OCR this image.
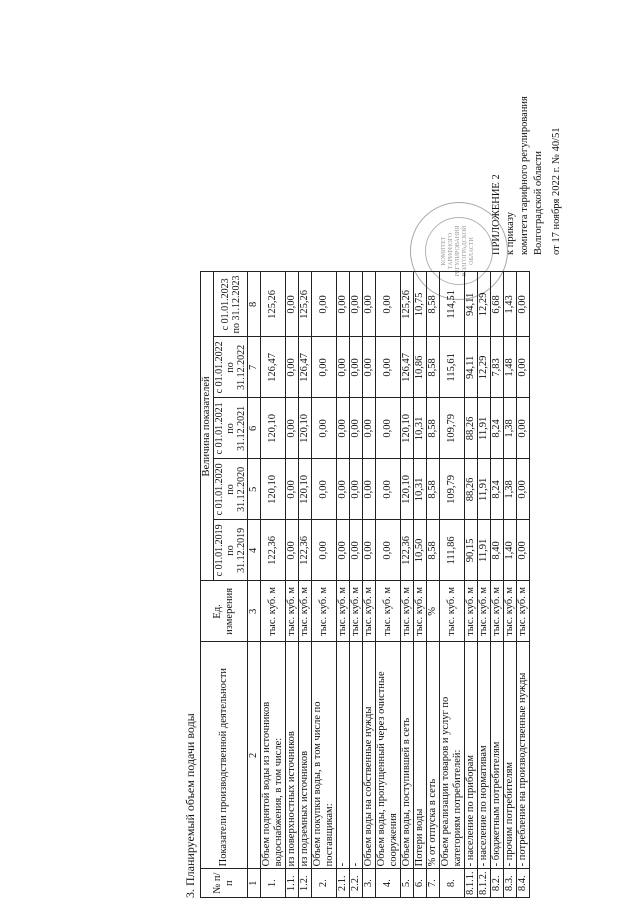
ПРИЛОЖЕНИЕ 2 к приказу комитета тарифного регулирования Волгоградской области от 17 ноября 2022 г. № 40/51
КОМИТЕТ ТАРИФНОГО РЕГУЛИРОВАНИЯ ВОЛГОГРАДСКОЙ ОБЛАСТИ
3. Планируемый объем подачи воды № п/п	Показатели производственной деятельности	Ед. измерения	Величина показателей				
			с 01.01.2019 по 31.12.2019	с 01.01.2020 по 31.12.2020	с 01.01.2021 по 31.12.2021	с 01.01.2022 по 31.12.2022	с 01.01.2023 по 31.12.2023
1	2	3	4	5	6	7	8
1.	Объем поднятой воды из источников водоснабжения, в том числе:	тыс. куб. м	122,36	120,10	120,10	126,47	125,26
1.1.	из поверхностных источников	тыс. куб. м	0,00	0,00	0,00	0,00	0,00
1.2.	из подземных источников	тыс. куб. м	122,36	120,10	120,10	126,47	125,26
2.	Объем покупки воды, в том числе по поставщикам:	тыс. куб. м	0,00	0,00	0,00	0,00	0,00
2.1.	-	тыс. куб. м	0,00	0,00	0,00	0,00	0,00
2.2.	-	тыс. куб. м	0,00	0,00	0,00	0,00	0,00
3.	Объем воды на собственные нужды	тыс. куб. м	0,00	0,00	0,00	0,00	0,00
4.	Объем воды, пропущенный через очистные сооружения	тыс. куб. м	0,00	0,00	0,00	0,00	0,00
5.	Объем воды, поступившей в сеть	тыс. куб. м	122,36	120,10	120,10	126,47	125,26
6.	Потери воды	тыс. куб. м	10,50	10,31	10,31	10,86	10,75
7.	% от отпуска в сеть	%	8,58	8,58	8,58	8,58	8,58
8.	Объем реализации товаров и услуг по категориям потребителей:	тыс. куб. м	111,86	109,79	109,79	115,61	114,51
8.1.1.	- население по приборам	тыс. куб. м	90,15	88,26	88,26	94,11	94,11
8.1.2.	- население по нормативам	тыс. куб. м	11,91	11,91	11,91	12,29	12,29
8.2.	- бюджетным потребителям	тыс. куб. м	8,40	8,24	8,24	7,83	6,68
8.3.	- прочим потребителям	тыс. куб. м	1,40	1,38	1,38	1,48	1,43
8.4.	- потребление на производственные нужды	тыс. куб. м	0,00	0,00	0,00	0,00	0,00
